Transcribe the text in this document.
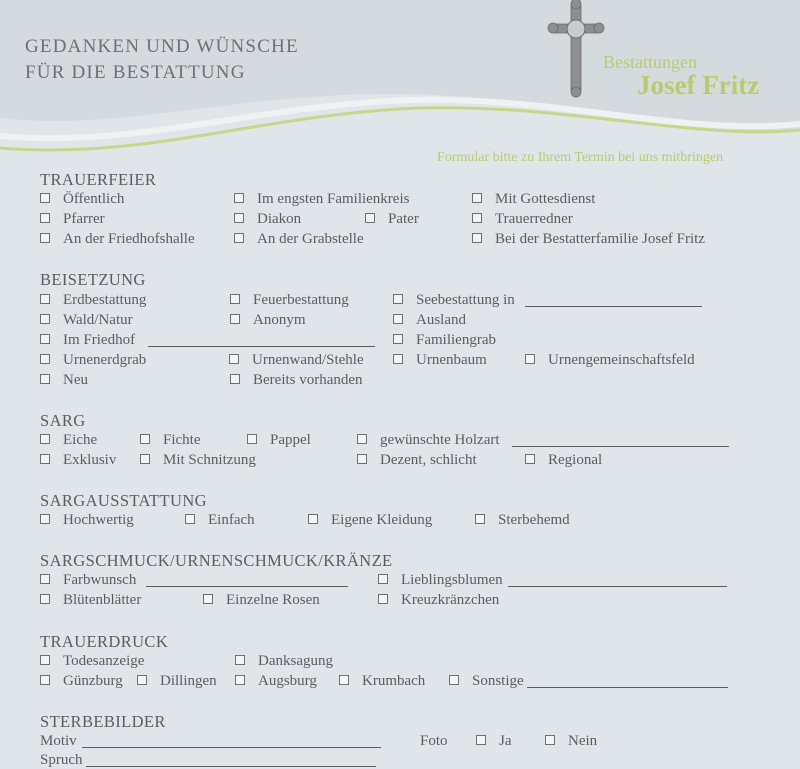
Bestattungen
Josef Fritz
GEDANKEN UND WÜNSCHE
FÜR DIE BESTATTUNG
Formular bitte zu Ihrem Termin bei uns mitbringen
TRAUERFEIER
Öffentlich	Im engsten Familienkreis	Mit Gottesdienst
Pfarrer	Diakon	Pater	Trauerredner
An der Friedhofshalle	An der Grabstelle	Bei der Bestatterfamilie Josef Fritz
BEISETZUNG
Erdbestattung	Feuerbestattung	Seebestattung in
Wald/Natur	Anonym	Ausland
Im Friedhof	Familiengrab
Urnenerdgrab	Urnenwand/Stehle	Urnenbaum	Urnengemeinschaftsfeld
Neu	Bereits vorhanden
SARG
Eiche	Fichte	Pappel	gewünschte Holzart
Exklusiv	Mit Schnitzung	Dezent, schlicht	Regional
SARGAUSSTATTUNG
Hochwertig	Einfach	Eigene Kleidung	Sterbehemd
SARGSCHMUCK/URNENSCHMUCK/KRÄNZE
Farbwunsch	Lieblingsblumen
Blütenblätter	Einzelne Rosen	Kreuzkränzchen
TRAUERDRUCK
Todesanzeige	Danksagung
Günzburg Dillingen	Augsburg	Krumbach	Sonstige
STERBEBILDER
Motiv	Foto	Ja	Nein
Spruch
